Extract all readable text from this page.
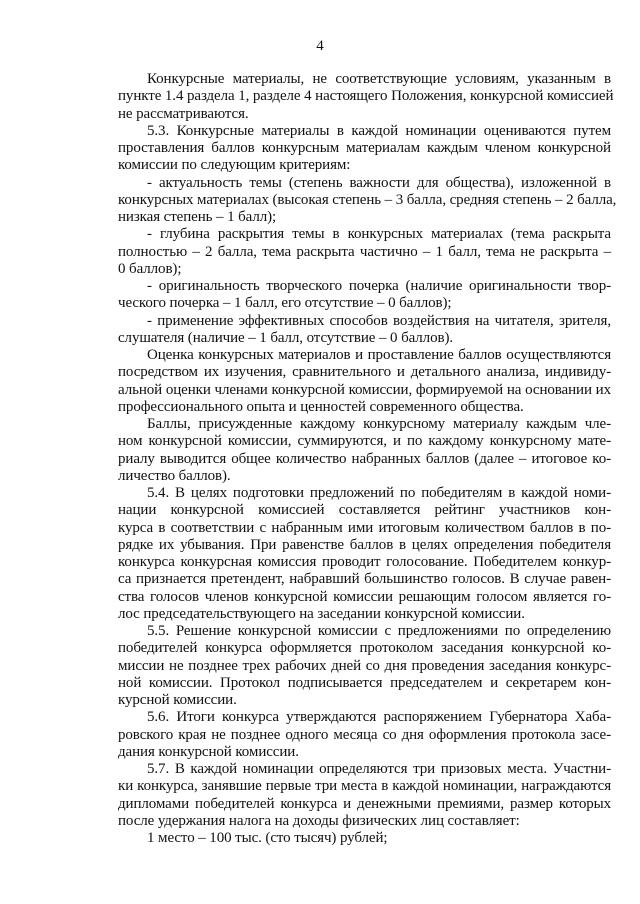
4
Конкурсные материалы, не соответствующие условиям, указанным в
пункте 1.4 раздела 1, разделе 4 настоящего Положения, конкурсной комиссией
не рассматриваются.
5.3. Конкурсные материалы в каждой номинации оцениваются путем
проставления баллов конкурсным материалам каждым членом конкурсной
комиссии по следующим критериям:
- актуальность темы (степень важности для общества), изложенной в
конкурсных материалах (высокая степень – 3 балла, средняя степень – 2 балла,
низкая степень – 1 балл);
- глубина раскрытия темы в конкурсных материалах (тема раскрыта
полностью – 2 балла, тема раскрыта частично – 1 балл, тема не раскрыта –
0 баллов);
- оригинальность творческого почерка (наличие оригинальности твор-
ческого почерка – 1 балл, его отсутствие – 0 баллов);
- применение эффективных способов воздействия на читателя, зрителя,
слушателя (наличие – 1 балл, отсутствие – 0 баллов).
Оценка конкурсных материалов и проставление баллов осуществляются
посредством их изучения, сравнительного и детального анализа, индивиду-
альной оценки членами конкурсной комиссии, формируемой на основании их
профессионального опыта и ценностей современного общества.
Баллы, присужденные каждому конкурсному материалу каждым чле-
ном конкурсной комиссии, суммируются, и по каждому конкурсному мате-
риалу выводится общее количество набранных баллов (далее – итоговое ко-
личество баллов).
5.4. В целях подготовки предложений по победителям в каждой номи-
нации конкурсной комиссией составляется рейтинг участников кон-
курса в соответствии с набранным ими итоговым количеством баллов в по-
рядке их убывания. При равенстве баллов в целях определения победителя
конкурса конкурсная комиссия проводит голосование. Победителем конкур-
са признается претендент, набравший большинство голосов. В случае равен-
ства голосов членов конкурсной комиссии решающим голосом является го-
лос председательствующего на заседании конкурсной комиссии.
5.5. Решение конкурсной комиссии с предложениями по определению
победителей конкурса оформляется протоколом заседания конкурсной ко-
миссии не позднее трех рабочих дней со дня проведения заседания конкурс-
ной комиссии. Протокол подписывается председателем и секретарем кон-
курсной комиссии.
5.6. Итоги конкурса утверждаются распоряжением Губернатора Хаба-
ровского края не позднее одного месяца со дня оформления протокола засе-
дания конкурсной комиссии.
5.7. В каждой номинации определяются три призовых места. Участни-
ки конкурса, занявшие первые три места в каждой номинации, награждаются
дипломами победителей конкурса и денежными премиями, размер которых
после удержания налога на доходы физических лиц составляет:
1 место – 100 тыс. (сто тысяч) рублей;
